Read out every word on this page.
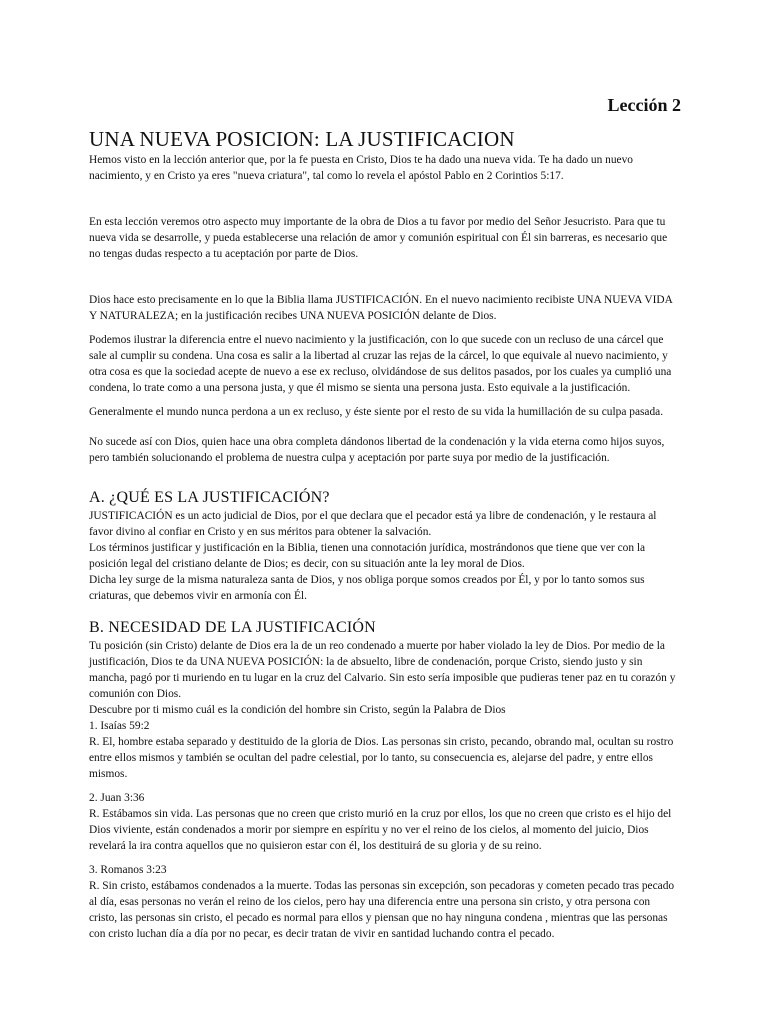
Lección 2
UNA NUEVA POSICION: LA JUSTIFICACION

Hemos visto en la lección anterior que, por la fe puesta en Cristo, Dios te ha dado una nueva vida. Te ha dado un nuevo nacimiento, y en Cristo ya eres "nueva criatura", tal como lo revela el apóstol Pablo en 2 Corintios 5:17.

En esta lección veremos otro aspecto muy importante de la obra de Dios a tu favor por medio del Señor Jesucristo. Para que tu nueva vida se desarrolle, y pueda establecerse una relación de amor y comunión espiritual con Él sin barreras, es necesario que no tengas dudas respecto a tu aceptación por parte de Dios.

Dios hace esto precisamente en lo que la Biblia llama JUSTIFICACIÓN. En el nuevo nacimiento recibiste UNA NUEVA VIDA Y NATURALEZA; en la justificación recibes UNA NUEVA POSICIÓN delante de Dios.

Podemos ilustrar la diferencia entre el nuevo nacimiento y la justificación, con lo que sucede con un recluso de una cárcel que sale al cumplir su condena. Una cosa es salir a la libertad al cruzar las rejas de la cárcel, lo que equivale al nuevo nacimiento, y otra cosa es que la sociedad acepte de nuevo a ese ex recluso, olvidándose de sus delitos pasados, por los cuales ya cumplió una condena, lo trate como a una persona justa, y que él mismo se sienta una persona justa. Esto equivale a la justificación.

Generalmente el mundo nunca perdona a un ex recluso, y éste siente por el resto de su vida la humillación de su culpa pasada.

No sucede así con Dios, quien hace una obra completa dándonos libertad de la condenación y la vida eterna como hijos suyos, pero también solucionando el problema de nuestra culpa y aceptación por parte suya por medio de la justificación.

A. ¿QUÉ ES LA JUSTIFICACIÓN?

JUSTIFICACIÓN es un acto judicial de Dios, por el que declara que el pecador está ya libre de condenación, y le restaura al favor divino al confiar en Cristo y en sus méritos para obtener la salvación.

Los términos justificar y justificación en la Biblia, tienen una connotación jurídica, mostrándonos que tiene que ver con la posición legal del cristiano delante de Dios; es decir, con su situación ante la ley moral de Dios.

Dicha ley surge de la misma naturaleza santa de Dios, y nos obliga porque somos creados por Él, y por lo tanto somos sus criaturas, que debemos vivir en armonía con Él.

B. NECESIDAD DE LA JUSTIFICACIÓN

Tu posición (sin Cristo) delante de Dios era la de un reo condenado a muerte por haber violado la ley de Dios. Por medio de la justificación, Dios te da UNA NUEVA POSICIÓN: la de absuelto, libre de condenación, porque Cristo, siendo justo y sin mancha, pagó por ti muriendo en tu lugar en la cruz del Calvario. Sin esto sería imposible que pudieras tener paz en tu corazón y comunión con Dios.

Descubre por ti mismo cuál es la condición del hombre sin Cristo, según la Palabra de Dios

1. Isaías 59:2

R. El, hombre estaba separado y destituido de la gloria de Dios. Las personas sin cristo, pecando, obrando mal, ocultan su rostro entre ellos mismos y también se ocultan del padre celestial, por lo tanto, su consecuencia es, alejarse del padre, y entre ellos mismos.

2. Juan 3:36

R. Estábamos sin vida. Las personas que no creen que cristo murió en la cruz por ellos, los que no creen que cristo es el hijo del Dios viviente, están condenados a morir por siempre en espíritu y no ver el reino de los cielos, al momento del juicio, Dios revelará la ira contra aquellos que no quisieron estar con él, los destituirá de su gloria y de su reino.

3. Romanos 3:23

R. Sin cristo, estábamos condenados a la muerte. Todas las personas sin excepción, son pecadoras y cometen pecado tras pecado al día, esas personas no verán el reino de los cielos, pero hay una diferencia entre una persona sin cristo, y otra persona con cristo, las personas sin cristo, el pecado es normal para ellos y piensan que no hay ninguna condena , mientras que las personas con cristo luchan día a día por no pecar, es decir tratan de vivir en santidad luchando contra el pecado.
